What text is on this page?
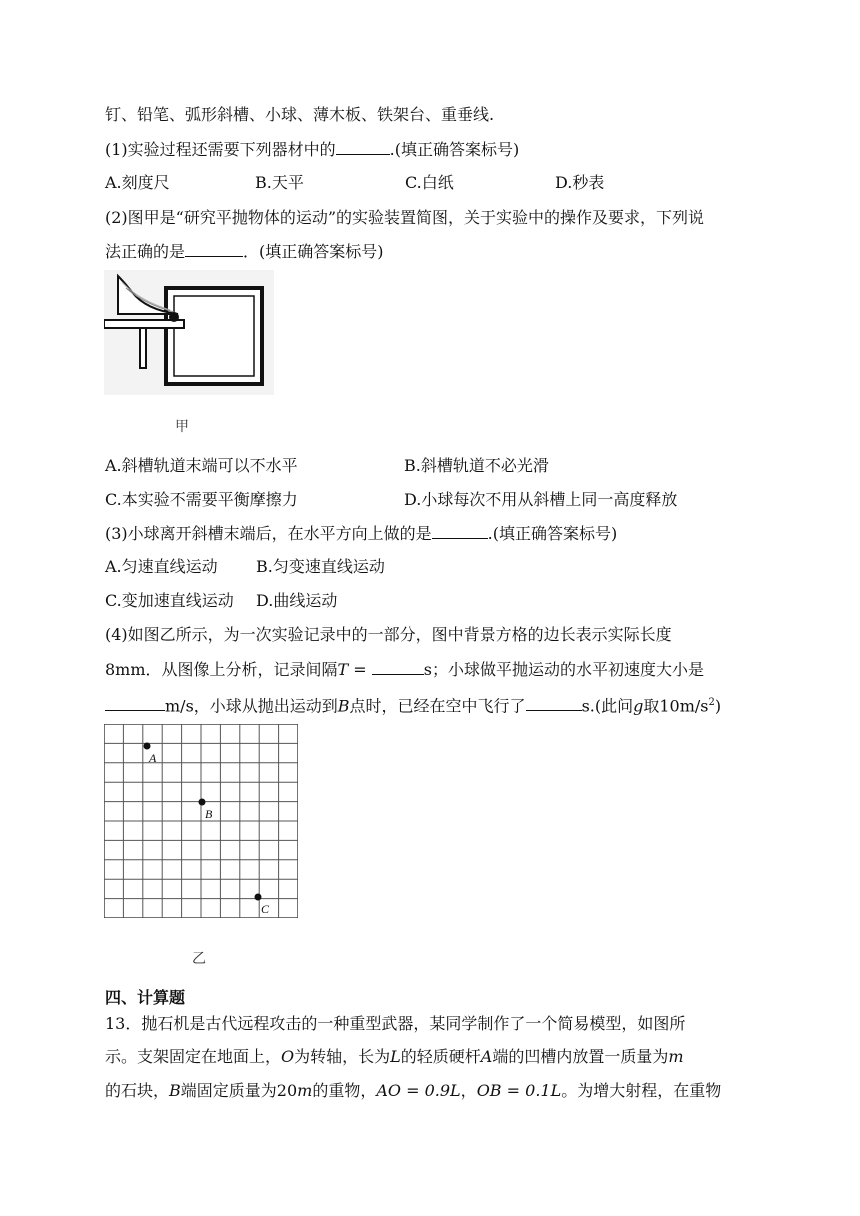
钉、铅笔、弧形斜槽、小球、薄木板、铁架台、重垂线.
(1)实验过程还需要下列器材中的	.(填正确答案标号)
A.刻度尺	B.天平	C.白纸	D.秒表
(2)图甲是“研究平抛物体的运动”的实验装置简图，关于实验中的操作及要求，下列说
法正确的是	．(填正确答案标号)
甲
A.斜槽轨道末端可以不水平	B.斜槽轨道不必光滑
C.本实验不需要平衡摩擦力	D.小球每次不用从斜槽上同一高度释放
(3)小球离开斜槽末端后，在水平方向上做的是	.(填正确答案标号)
A.匀速直线运动 B.匀变速直线运动
C.变加速直线运动 D.曲线运动
(4)如图乙所示，为一次实验记录中的一部分，图中背景方格的边长表示实际长度
8mm．从图像上分析，记录间隔T =	s；小球做平抛运动的水平初速度大小是
m/s，小球从抛出运动到B点时，已经在空中飞行了	s.(此问g取$10m/s^2$)
A
B
C
乙
四、计算题
13．抛石机是古代远程攻击的一种重型武器，某同学制作了一个简易模型，如图所
示。支架固定在地面上，O为转轴，长为L的轻质硬杆A端的凹槽内放置一质量为m
的石块，B端固定质量为20m的重物，AO = 0.9L，OB = 0.1L。为增大射程，在重物
